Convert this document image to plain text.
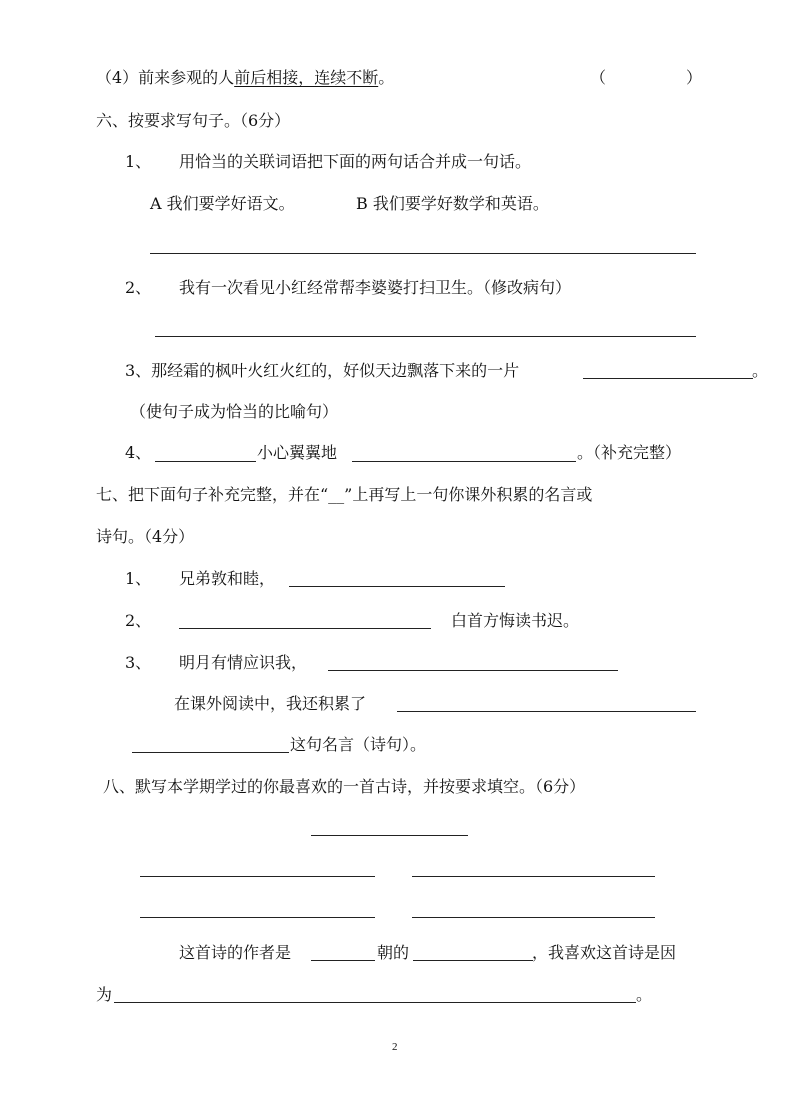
（4）前来参观的人前后相接，连续不断。	（　　　　　）
六、按要求写句子。（6分）
1、 用恰当的关联词语把下面的两句话合并成一句话。
A 我们要学好语文。	B 我们要学好数学和英语。
2、 我有一次看见小红经常帮李婆婆打扫卫生。（修改病句）
3、那经霜的枫叶火红火红的，好似天边飘落下来的一片	。
（使句子成为恰当的比喻句）
4、	小心翼翼地	。（补充完整）
七、把下面句子补充完整，并在“__”上再写上一句你课外积累的名言或
诗句。（4分）
1、 兄弟敦和睦，
2、	白首方悔读书迟。
3、 明月有情应识我，
在课外阅读中，我还积累了
这句名言（诗句）。
八、默写本学期学过的你最喜欢的一首古诗，并按要求填空。（6分）
这首诗的作者是	朝的	，我喜欢这首诗是因
为	。
2
